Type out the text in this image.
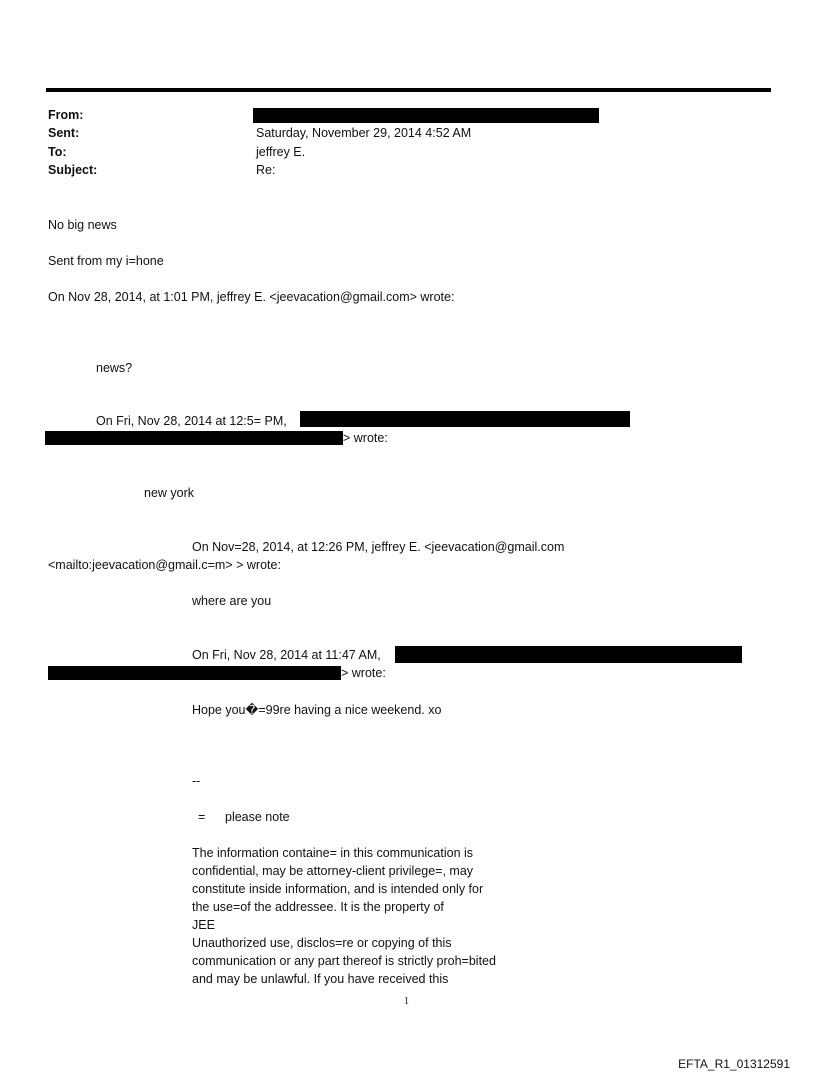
From:
Sent:	Saturday, November 29, 2014 4:52 AM
To:	jeffrey E.
Subject:	Re:
No big news
Sent from my i=hone
On Nov 28, 2014, at 1:01 PM, jeffrey E. <jeevacation@gmail.com> wrote:
news?
On Fri, Nov 28, 2014 at 12:5= PM,
> wrote:
new york
On Nov=28, 2014, at 12:26 PM, jeffrey E. <jeevacation@gmail.com
<mailto:jeevacation@gmail.c=m> > wrote:
where are you
On Fri, Nov 28, 2014 at 11:47 AM,
> wrote:
Hope you�=99re having a nice weekend. xo
--
= please note
The information containe= in this communication is
confidential, may be attorney-client privilege=, may
constitute inside information, and is intended only for
the use=of the addressee. It is the property of
JEE
Unauthorized use, disclos=re or copying of this
communication or any part thereof is strictly proh=bited
and may be unlawful. If you have received this
1
EFTA_R1_01312591
